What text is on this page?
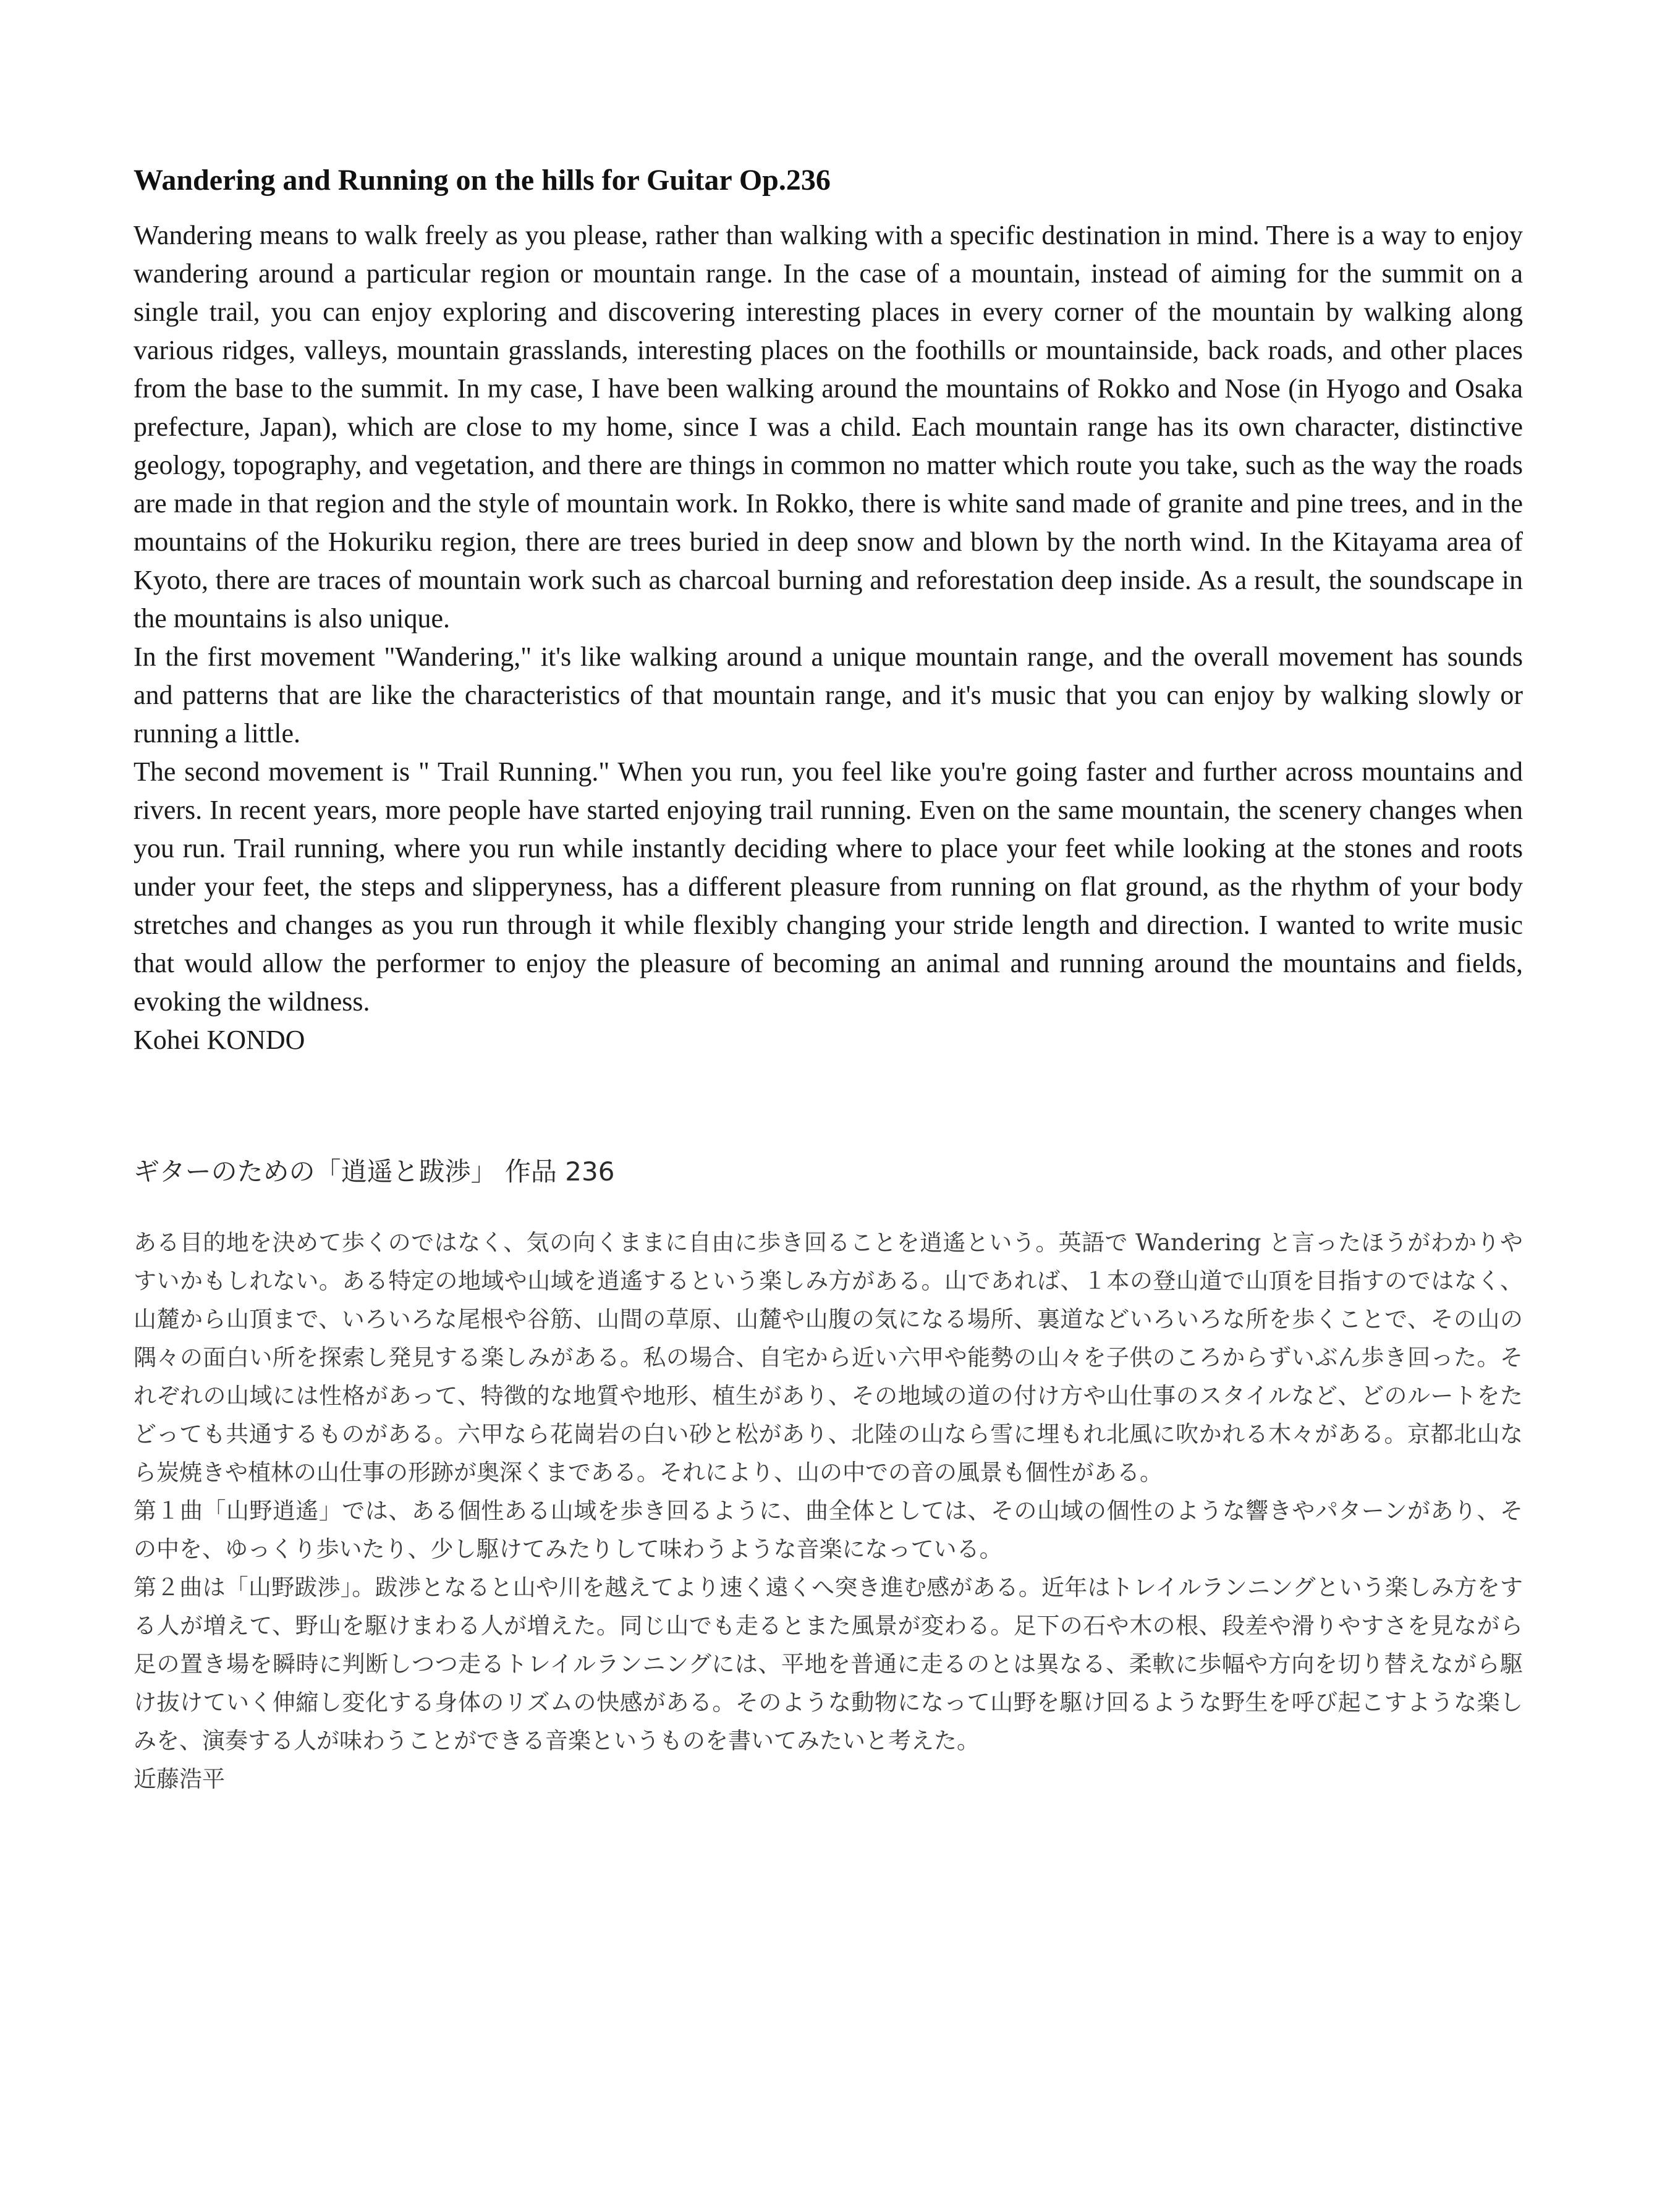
Wandering and Running on the hills for Guitar Op.236

Wandering means to walk freely as you please, rather than walking with a specific destination in mind. There is a way to enjoy wandering around a particular region or mountain range. In the case of a mountain, instead of aiming for the summit on a single trail, you can enjoy exploring and discovering interesting places in every corner of the mountain by walking along various ridges, valleys, mountain grasslands, interesting places on the foothills or mountainside, back roads, and other places from the base to the summit. In my case, I have been walking around the mountains of Rokko and Nose (in Hyogo and Osaka prefecture, Japan), which are close to my home, since I was a child. Each mountain range has its own character, distinctive geology, topography, and vegetation, and there are things in common no matter which route you take, such as the way the roads are made in that region and the style of mountain work. In Rokko, there is white sand made of granite and pine trees, and in the mountains of the Hokuriku region, there are trees buried in deep snow and blown by the north wind. In the Kitayama area of Kyoto, there are traces of mountain work such as charcoal burning and reforestation deep inside. As a result, the soundscape in the mountains is also unique.

In the first movement "Wandering," it's like walking around a unique mountain range, and the overall movement has sounds and patterns that are like the characteristics of that mountain range, and it's music that you can enjoy by walking slowly or running a little.

The second movement is " Trail Running." When you run, you feel like you're going faster and further across mountains and rivers. In recent years, more people have started enjoying trail running. Even on the same mountain, the scenery changes when you run. Trail running, where you run while instantly deciding where to place your feet while looking at the stones and roots under your feet, the steps and slipperyness, has a different pleasure from running on flat ground, as the rhythm of your body stretches and changes as you run through it while flexibly changing your stride length and direction. I wanted to write music that would allow the performer to enjoy the pleasure of becoming an animal and running around the mountains and fields, evoking the wildness.

Kohei KONDO

ギターのための「逍遥と跋渉」 作品 236

ある目的地を決めて歩くのではなく、気の向くままに自由に歩き回ることを逍遙という。英語で Wandering と言ったほうがわかりやすいかもしれない。ある特定の地域や山域を逍遙するという楽しみ方がある。山であれば、１本の登山道で山頂を目指すのではなく、山麓から山頂まで、いろいろな尾根や谷筋、山間の草原、山麓や山腹の気になる場所、裏道などいろいろな所を歩くことで、その山の隅々の面白い所を探索し発見する楽しみがある。私の場合、自宅から近い六甲や能勢の山々を子供のころからずいぶん歩き回った。それぞれの山域には性格があって、特徴的な地質や地形、植生があり、その地域の道の付け方や山仕事のスタイルなど、どのルートをたどっても共通するものがある。六甲なら花崗岩の白い砂と松があり、北陸の山なら雪に埋もれ北風に吹かれる木々がある。京都北山なら炭焼きや植林の山仕事の形跡が奥深くまである。それにより、山の中での音の風景も個性がある。

第１曲「山野逍遙」では、ある個性ある山域を歩き回るように、曲全体としては、その山域の個性のような響きやパターンがあり、その中を、ゆっくり歩いたり、少し駆けてみたりして味わうような音楽になっている。

第２曲は「山野跋渉」。跋渉となると山や川を越えてより速く遠くへ突き進む感がある。近年はトレイルランニングという楽しみ方をする人が増えて、野山を駆けまわる人が増えた。同じ山でも走るとまた風景が変わる。足下の石や木の根、段差や滑りやすさを見ながら足の置き場を瞬時に判断しつつ走るトレイルランニングには、平地を普通に走るのとは異なる、柔軟に歩幅や方向を切り替えながら駆け抜けていく伸縮し変化する身体のリズムの快感がある。そのような動物になって山野を駆け回るような野生を呼び起こすような楽しみを、演奏する人が味わうことができる音楽というものを書いてみたいと考えた。

近藤浩平
